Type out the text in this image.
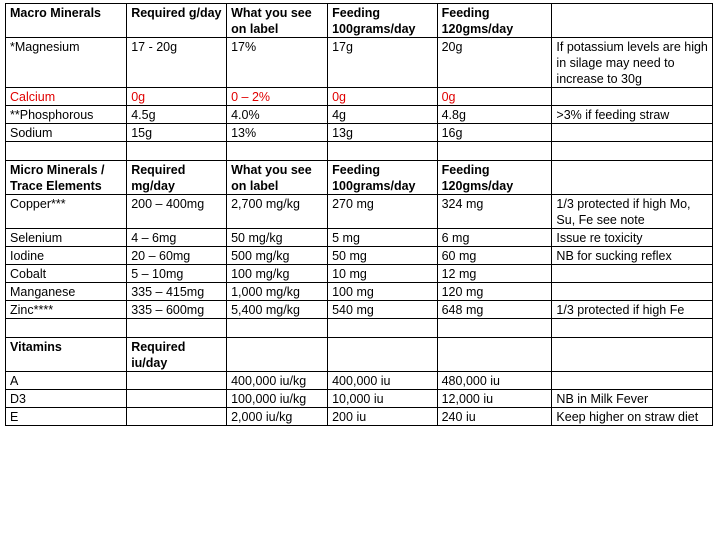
Macro Minerals	Required g/day	What you see on label	Feeding 100grams/day	Feeding 120gms/day	
*Magnesium	17 - 20g	17%	17g	20g	If potassium levels are high in silage may need to increase to 30g
Calcium	0g	0 – 2%	0g	0g	
**Phosphorous	4.5g	4.0%	4g	4.8g	>3% if feeding straw
Sodium	15g	13%	13g	16g	

Micro Minerals / Trace Elements	Required mg/day	What you see on label	Feeding 100grams/day	Feeding 120gms/day	
Copper***	200 – 400mg	2,700 mg/kg	270 mg	324 mg	1/3 protected if high Mo, Su, Fe see note
Selenium	4 – 6mg	50 mg/kg	5 mg	6 mg	Issue re toxicity
Iodine	20 – 60mg	500 mg/kg	50 mg	60 mg	NB for sucking reflex
Cobalt	5 – 10mg	100 mg/kg	10 mg	12 mg	
Manganese	335 – 415mg	1,000 mg/kg	100 mg	120 mg	
Zinc****	335 – 600mg	5,400 mg/kg	540 mg	648 mg	1/3 protected if high Fe

Vitamins	Required iu/day				
A		400,000 iu/kg	400,000 iu	480,000 iu	
D3		100,000 iu/kg	10,000 iu	12,000 iu	NB in Milk Fever
E		2,000 iu/kg	200 iu	240 iu	Keep higher on straw diet
